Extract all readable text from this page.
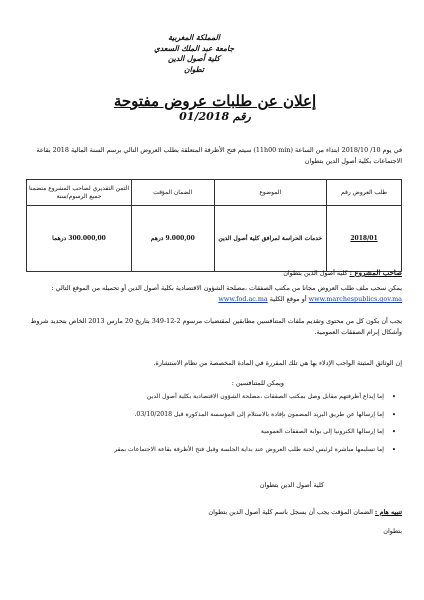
المملكة المغربية
جامعة عبد الملك السعدي
كلية أصول الدين
تطوان
إعلان عن طلبات عروض مفتوحة
رقم 01/2018
في يوم 10/ 2018/10 ابتداء من الساعة (11h00 min) سيتم فتح الأظرفة المتعلقة بطلب العروض التالي برسم السنة المالية 2018 بقاعة الاجتماعات بكلية أصول الدين بتطوان
طلب العروض رقم	الموضوع	الضمان المؤقت	الثمن التقديري لصاحب المشروع متضمنا جميع الرسوم/سنة
2018/01	خدمات الحراسة لمرافق كلية أصول الدين	9.000,00 درهم	300.000,00 درهما
صاحب المشروع : كلية أصول الدين بتطوان
يمكن سحب ملف طلب العروض مجانا من مكتب الصفقات ،مصلحة الشؤون الاقتصادية بكلية أصول الدين أو تحميله من الموقع التالي : www.marchespublics.gov.ma أو موقع الكلية www.fod.ac.ma
يجب أن يكون كل من محتوى وتقديم ملفات المتنافسين مطابقين لمقتضيات مرسوم 2-12-349 بتاريخ 20 مارس 2013 الخاص بتحديد شروط وأشكال إبرام الصفقات العمومية.
إن الوثائق المثبتة الواجب الإدلاء بها هي تلك المقررة في المادة المخصصة من نظام الاستشارة.
ويمكن للمتنافسين :
•
إما إيداع أظرفتهم مقابل وصل بمكتب الصفقات ،مصلحة الشؤون الاقتصادية بكلية أصول الدين
•
إما إرسالها عن طريق البريد المضمون بإفادة بالاستلام إلى المؤسسة المذكورة قبل 03/10/2018.
•
إما إرسالها الكترونيا إلى بوابة الصفقات العمومية
•
إما تسليمها مباشرة لرئيس لجنة طلب العروض عند بداية الجلسة وقبل فتح الأظرفة بقاعة الاجتماعات بمقر
كلية أصول الدين بتطوان
تنبيه هام : الضمان المؤقت يجب أن يسجل باسم كلية أصول الدين بتطوان
بتطوان
